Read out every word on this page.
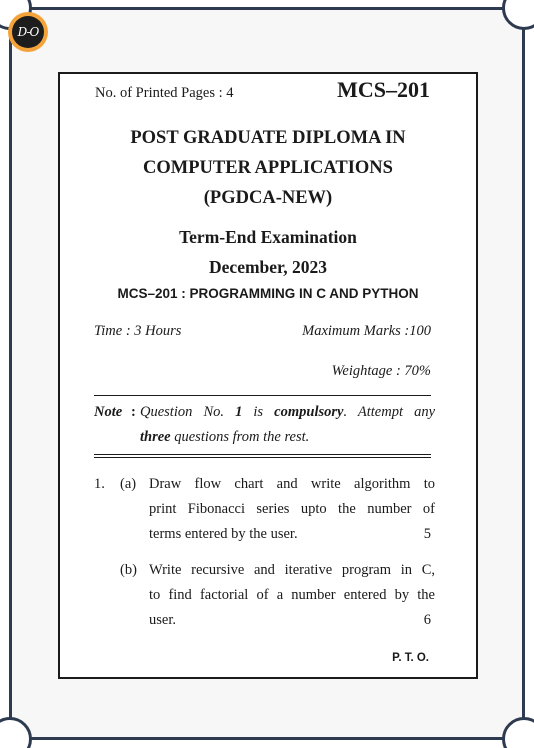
D-O
No. of Printed Pages : 4	MCS–201
POST GRADUATE DIPLOMA IN
COMPUTER APPLICATIONS
(PGDCA-NEW)
Term-End Examination
December, 2023
MCS–201 : PROGRAMMING IN C AND PYTHON
Time : 3 Hours	Maximum Marks :100
Weightage : 70%
Note : Question No. 1 is compulsory. Attempt any
three questions from the rest.
1. (a) Draw flow chart and write algorithm to
print Fibonacci series upto the number of
terms entered by the user.	5
(b) Write recursive and iterative program in C,
to find factorial of a number entered by the
user.	6
P. T. O.
